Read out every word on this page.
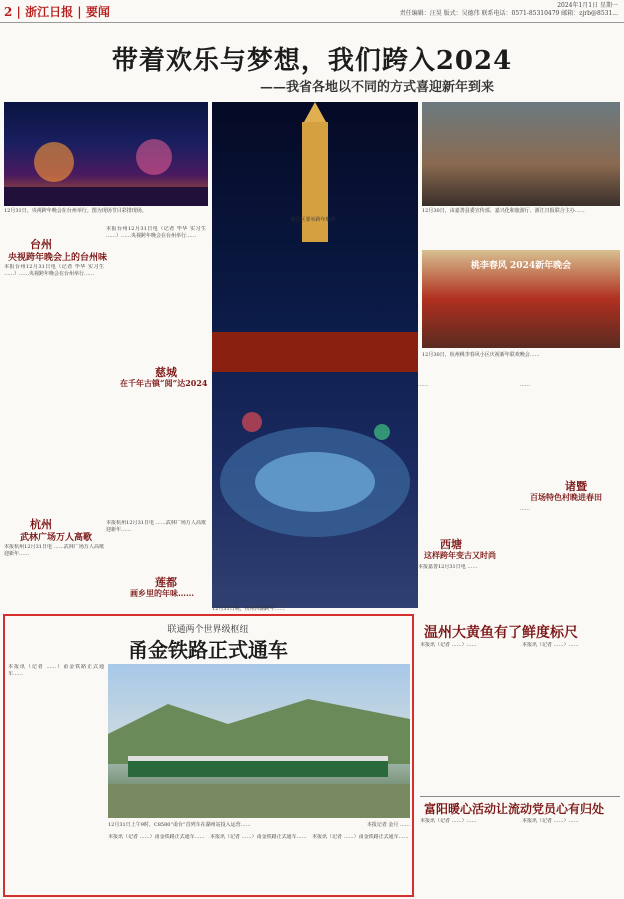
2 | 浙江日报 | 要闻	2024年1月1日 星期一
责任编辑：汪昊 版式：吴德伟 联系电话：0571-85310479 邮箱：zjrb@8531...
带着欢乐与梦想，我们跨入2024
——我省各地以不同的方式喜迎新年到来
12月31日，央视跨年晚会在台州举行。图为现场节目彩排现场。
德江区要举跨年烟花
12月30日，由嘉善县委宣传部、嘉兴化和旅游厅、浙江日报联合主办……
桃李春风 2024新年晚会
12月30日，杭州桃李春风小区庆祝新年联欢晚会……
12月31日晚，杭州西湖跨年……
台州
央视跨年晚会上的台州味
本报台州12月31日电（记者 毕华 实习生 ……）……央视跨年晚会在台州举行……
本报台州12月31日电（记者 毕华 实习生 ……）……央视跨年晚会在台州举行……
杭州
武林广场万人高歌
本报杭州12月31日电 ……武林广场万人高歌迎新年……
本报杭州12月31日电 ……武林广场万人高歌迎新年……
慈城
在千年古镇“阅”达2024
莲都
画乡里的年味……
……	……
诸暨
百场特色村晚进春田
……
西塘
这样跨年变古又时尚
本报嘉善12月31日电 ……
联通两个世界级枢纽
甬金铁路正式通车
本报讯（记者 ……）甬金铁路正式通车……
12月31日上午9时，C8580“甬台”首列车在湖州站投入运营……	本报记者 金月 ……
本报讯（记者 ……）甬金铁路正式通车……	本报讯（记者 ……）甬金铁路正式通车……	本报讯（记者 ……）甬金铁路正式通车……
温州大黄鱼有了鲜度标尺
本报讯（记者 ……）……	本报讯（记者 ……）……
富阳暖心活动让流动党员心有归处
本报讯（记者 ……）……	本报讯（记者 ……）……
